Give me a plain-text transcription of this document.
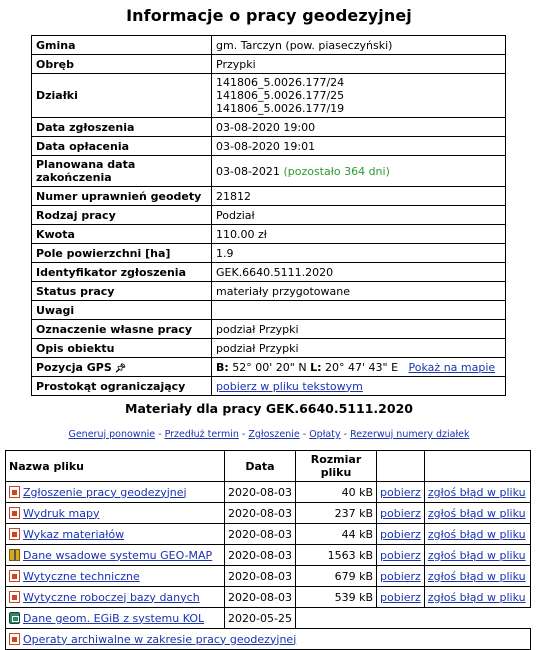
Informacje o pracy geodezyjnej
Gmina	gm. Tarczyn (pow. piaseczyński)
Obręb	Przypki
Działki	141806_5.0026.177/24
141806_5.0026.177/25
141806_5.0026.177/19

Data zgłoszenia	03-08-2020 19:00
Data opłacenia	03-08-2020 19:01
Planowana data zakończenia	03-08-2021 (pozostało 364 dni)
Numer uprawnień geodety	21812
Rodzaj pracy	Podział
Kwota	110.00 zł
Pole powierzchni [ha]	1.9
Identyfikator zgłoszenia	GEK.6640.5111.2020
Status pracy	materiały przygotowane
Uwagi	
Oznaczenie własne pracy	podział Przypki
Opis obiektu	podział Przypki
Pozycja GPS 📌︎	B: 52° 00' 20" N L: 20° 47' 43" E Pokaż na mapie
Prostokąt ograniczający	pobierz w pliku tekstowym
Materiały dla pracy GEK.6640.5111.2020
Generuj ponownie - Przedłuż termin - Zgłoszenie - Opłaty - Rezerwuj numery działek
Nazwa pliku	Data	Rozmiar pliku		
Zgłoszenie pracy geodezyjnej	2020-08-03	40 kB	pobierz	zgłoś błąd w pliku
Wydruk mapy	2020-08-03	237 kB	pobierz	zgłoś błąd w pliku
Wykaz materiałów	2020-08-03	44 kB	pobierz	zgłoś błąd w pliku
Dane wsadowe systemu GEO-MAP	2020-08-03	1563 kB	pobierz	zgłoś błąd w pliku
Wytyczne techniczne	2020-08-03	679 kB	pobierz	zgłoś błąd w pliku
Wytyczne roboczej bazy danych	2020-08-03	539 kB	pobierz	zgłoś błąd w pliku
Dane geom. EGiB z systemu KOL	2020-05-25			
Operaty archiwalne w zakresie pracy geodezyjnej				
